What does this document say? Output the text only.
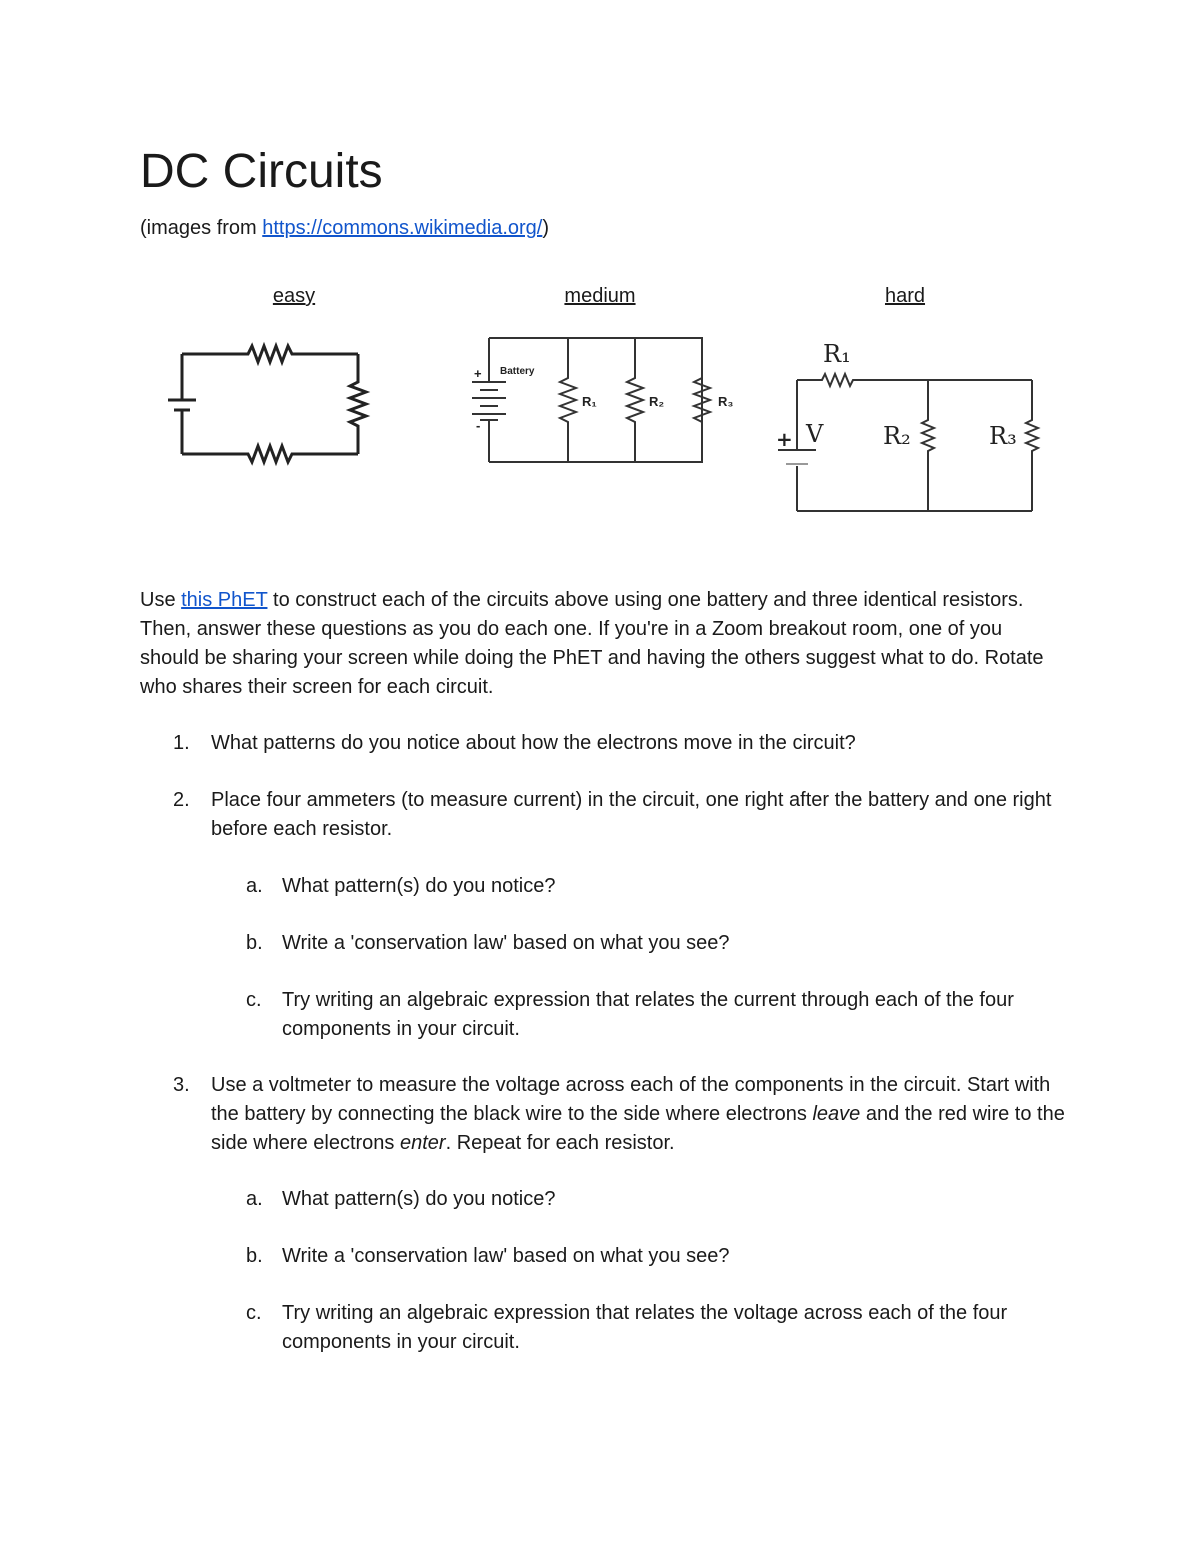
DC Circuits
(images from https://commons.wikimedia.org/)
easy	medium	hard
+
-
Battery
R₁	R₂	R₃
R₁
V
+	R₂	R₃

Use this PhET to construct each of the circuits above using one battery and three identical resistors. Then, answer these questions as you do each one. If you're in a Zoom breakout room, one of you should be sharing your screen while doing the PhET and having the others suggest what to do. Rotate who shares their screen for each circuit.

1. What patterns do you notice about how the electrons move in the circuit?
2. Place four ammeters (to measure current) in the circuit, one right after the battery and one right before each resistor.
a. What pattern(s) do you notice?
b. Write a 'conservation law' based on what you see?
c. Try writing an algebraic expression that relates the current through each of the four components in your circuit.
3. Use a voltmeter to measure the voltage across each of the components in the circuit. Start with the battery by connecting the black wire to the side where electrons leave and the red wire to the side where electrons enter. Repeat for each resistor.
a. What pattern(s) do you notice?
b. Write a 'conservation law' based on what you see?
c. Try writing an algebraic expression that relates the voltage across each of the four components in your circuit.
